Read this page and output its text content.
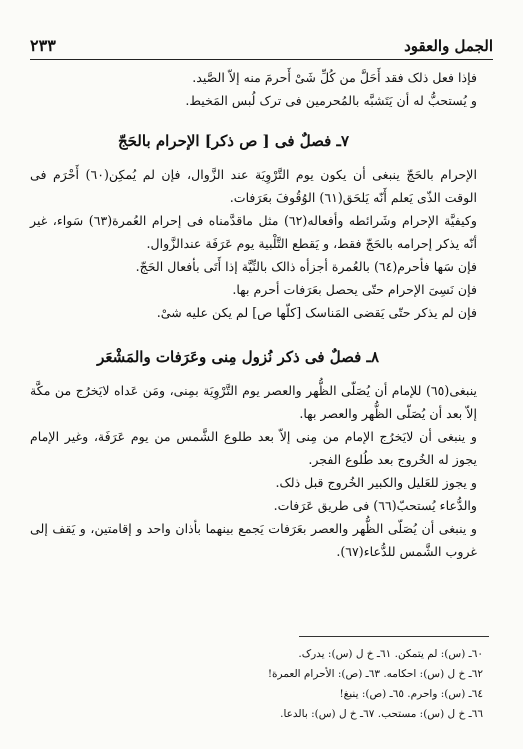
الجمل والعقود
٢٣٣

فإذا فعل ذلک فقد أَحَلَّ من كُلِّ شَىْ أَحرمَ منه إلاّ الصَّيد.

و يُستحبُّ له أن يَتَشبَّه بالمُحرمين فى ترک لُبس المَخيط.

٧ـ فصلٌ فی [ ص ذکر] الإحرام بالحَجّ

الإحرام بالحَجّ ینبغی أن یکون یوم التَّرْوِیَة عند الزَّوال، فإن لم یُمکِن(٦٠) أَحْرَم فی الوقت الذّی یَعلم أَنّه یَلحَق(٦١) الوُقُوفَ بعَرَفات.

وکیفیَّة الإحرام وشَرائطه وأفعاله(٦٢) مثل ماقدَّمناه فی إحرام العُمرة(٦٣) سَواء، غیر أنّه یذکر إحرامه بالحَجّ فقط، و یَقطع التَّلْبیة یوم عَرَفَة عندالزَّوال.

فإن سَها فأحرم(٦٤) بالعُمرة أجزأه ذالک بالنِّیَّة إذا أَتَی بأفعال الحَجّ.

فإن نَسِیَ الإحرام حتّی یحصل بعَرَفات أحرم بها.

فإن لم یذکر حتّی یَقضی المَناسک [کلّها ص] لم یکن علیه شیْ.

٨ـ فصلٌ فی ذکر نُزول مِنی وعَرَفات والمَشْعَر

ینبغی(٦٥) للإمام أن یُصَلّی الظُّهر والعصر یوم التَّرْوِیَة بمِنی، ومَن عَداه لایَخرُج من مکَّة إلاّ بعد أن یُصَلّی الظُّهر والعصر بها.

و ینبغی أن لایَخرُج الإمام من مِنی إلاّ بعد طلوع الشَّمس من یوم عَرَفَة، وغیر الإمام یجوز له الخُروج بعد طُلوع الفجر.

و یجوز للعَلیل والکبیر الخُروج قبل ذلک.

والدُّعاء یُستحبّ(٦٦) فی طریق عَرَفات.

و ینبغی أن یُصَلّی الظُّهر والعصر بعَرَفات یَجمع بینهما بأذان واحد و إقامتین، و یَقف إلی غروب الشَّمس للدُّعاء(٦٧).

٦٠ـ (س): لم یتمکن. ٦١ـ خ ل (س): یدرک.

٦٢ـ خ ل (س): احکامه. ٦٣ـ (ص): الأحرام العمرة!

٦٤ـ (س): واحرم. ٦٥ـ (ص): ینبغ!

٦٦ـ خ ل (س): مستحب. ٦٧ـ خ ل (س): بالدعا.
